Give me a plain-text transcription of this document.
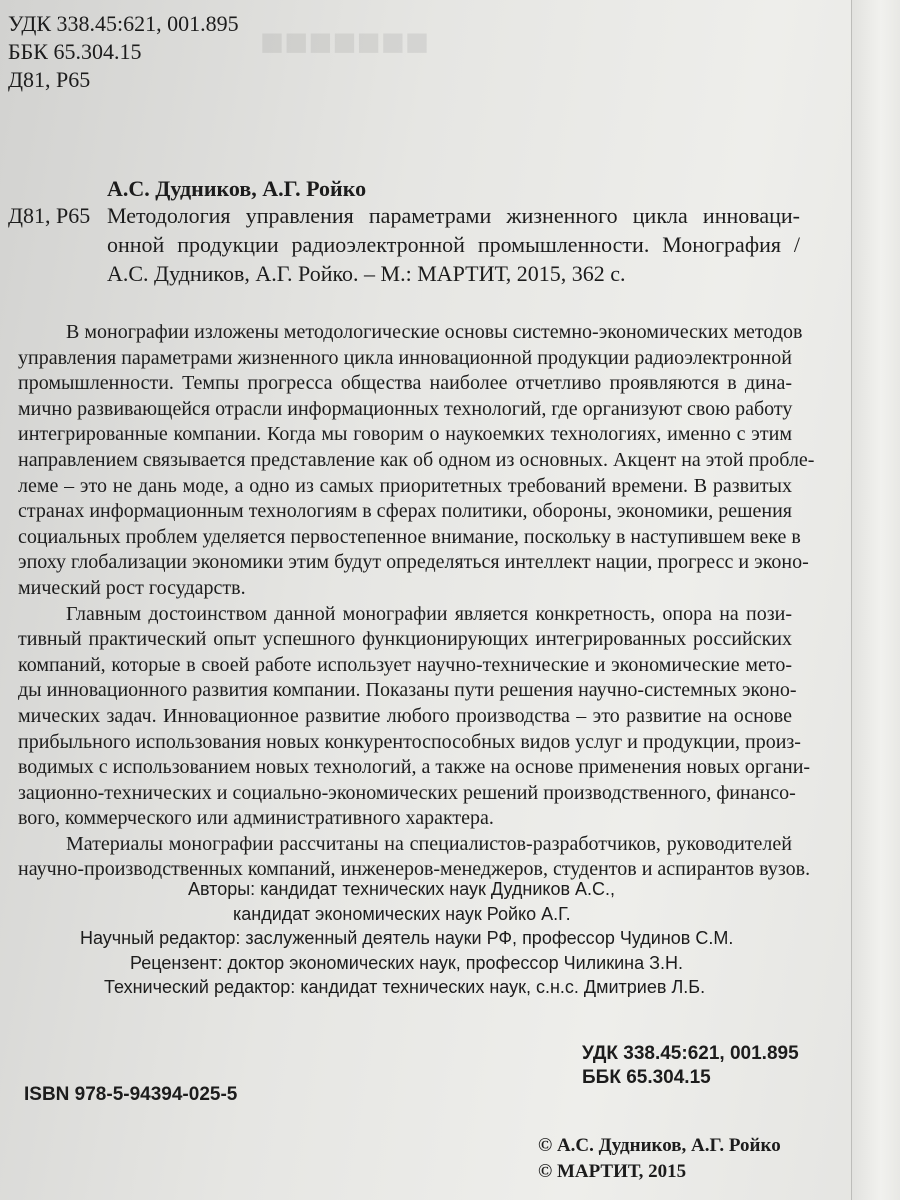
■■■■■■■
УДК 338.45:621, 001.895
ББК 65.304.15
Д81, Р65
А.С. Дудников, А.Г. Ройко
Д81, Р65 Методология управления параметрами жизненного цикла инноваци-
онной продукции радиоэлектронной промышленности. Монография /
А.С. Дудников, А.Г. Ройко. – М.: МАРТИТ, 2015, 362 с.
В монографии изложены методологические основы системно-экономических методов
управления параметрами жизненного цикла инновационной продукции радиоэлектронной
промышленности. Темпы прогресса общества наиболее отчетливо проявляются в дина-
мично развивающейся отрасли информационных технологий, где организуют свою работу
интегрированные компании. Когда мы говорим о наукоемких технологиях, именно с этим
направлением связывается представление как об одном из основных. Акцент на этой пробле-
леме – это не дань моде, а одно из самых приоритетных требований времени. В развитых
странах информационным технологиям в сферах политики, обороны, экономики, решения
социальных проблем уделяется первостепенное внимание, поскольку в наступившем веке в
эпоху глобализации экономики этим будут определяться интеллект нации, прогресс и эконо-
мический рост государств.
Главным достоинством данной монографии является конкретность, опора на пози-
тивный практический опыт успешного функционирующих интегрированных российских
компаний, которые в своей работе использует научно-технические и экономические мето-
ды инновационного развития компании. Показаны пути решения научно-системных эконо-
мических задач. Инновационное развитие любого производства – это развитие на основе
прибыльного использования новых конкурентоспособных видов услуг и продукции, произ-
водимых с использованием новых технологий, а также на основе применения новых органи-
зационно-технических и социально-экономических решений производственного, финансо-
вого, коммерческого или административного характера.
Материалы монографии рассчитаны на специалистов-разработчиков, руководителей
научно-производственных компаний, инженеров-менеджеров, студентов и аспирантов вузов.
Авторы: кандидат технических наук Дудников А.С.,
кандидат экономических наук Ройко А.Г.
Научный редактор: заслуженный деятель науки РФ, профессор Чудинов С.М.
Рецензент: доктор экономических наук, профессор Чиликина З.Н.
Технический редактор: кандидат технических наук, с.н.с. Дмитриев Л.Б.
УДК 338.45:621, 001.895
ББК 65.304.15
ISBN 978-5-94394-025-5
© А.С. Дудников, А.Г. Ройко
© МАРТИТ, 2015
